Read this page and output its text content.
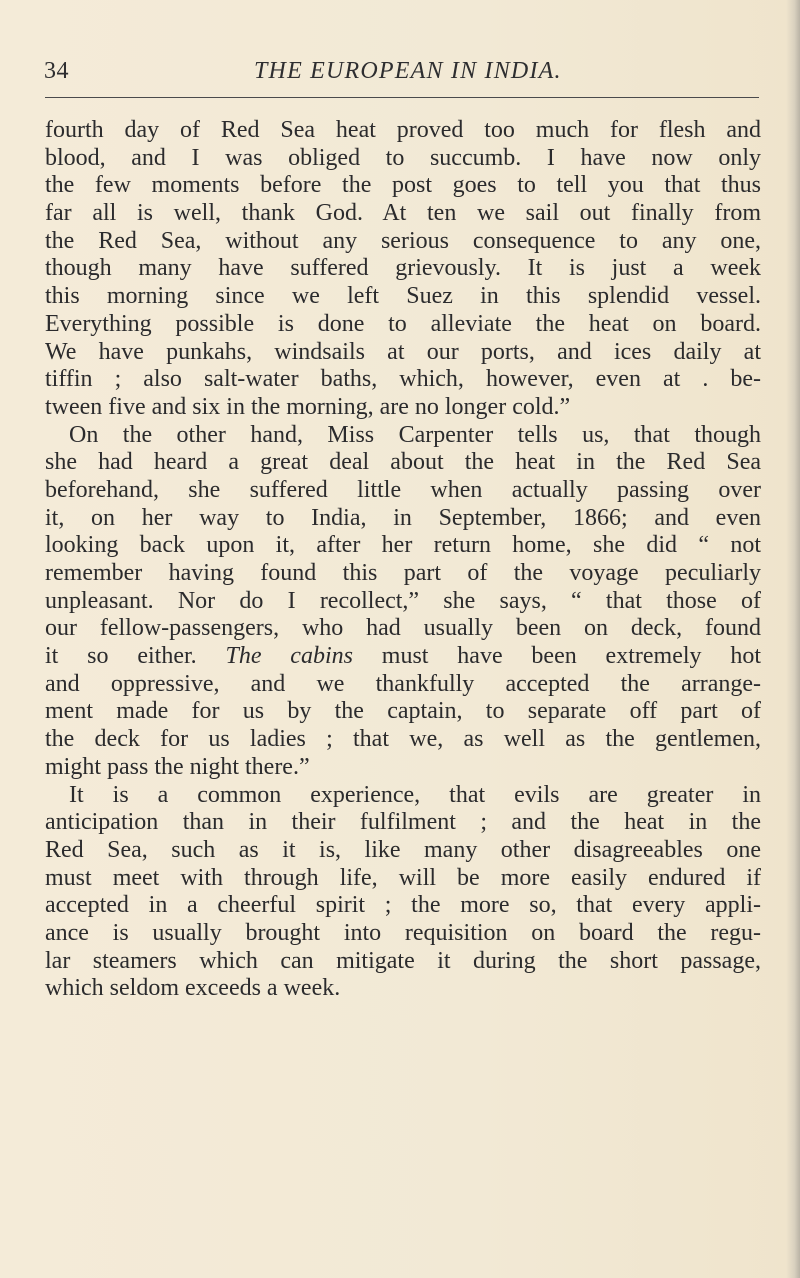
34	THE EUROPEAN IN INDIA.
fourth day of Red Sea heat proved too much for flesh and
blood, and I was obliged to succumb. I have now only
the few moments before the post goes to tell you that thus
far all is well, thank God. At ten we sail out finally from
the Red Sea, without any serious consequence to any one,
though many have suffered grievously. It is just a week
this morning since we left Suez in this splendid vessel.
Everything possible is done to alleviate the heat on board.
We have punkahs, windsails at our ports, and ices daily at
tiffin ; also salt-water baths, which, however, even at . be-
tween five and six in the morning, are no longer cold.”
On the other hand, Miss Carpenter tells us, that though
she had heard a great deal about the heat in the Red Sea
beforehand, she suffered little when actually passing over
it, on her way to India, in September, 1866; and even
looking back upon it, after her return home, she did “ not
remember having found this part of the voyage peculiarly
unpleasant. Nor do I recollect,” she says, “ that those of
our fellow-passengers, who had usually been on deck, found
it so either. The cabins must have been extremely hot
and oppressive, and we thankfully accepted the arrange-
ment made for us by the captain, to separate off part of
the deck for us ladies ; that we, as well as the gentlemen,
might pass the night there.”
It is a common experience, that evils are greater in
anticipation than in their fulfilment ; and the heat in the
Red Sea, such as it is, like many other disagreeables one
must meet with through life, will be more easily endured if
accepted in a cheerful spirit ; the more so, that every appli-
ance is usually brought into requisition on board the regu-
lar steamers which can mitigate it during the short passage,
which seldom exceeds a week.
